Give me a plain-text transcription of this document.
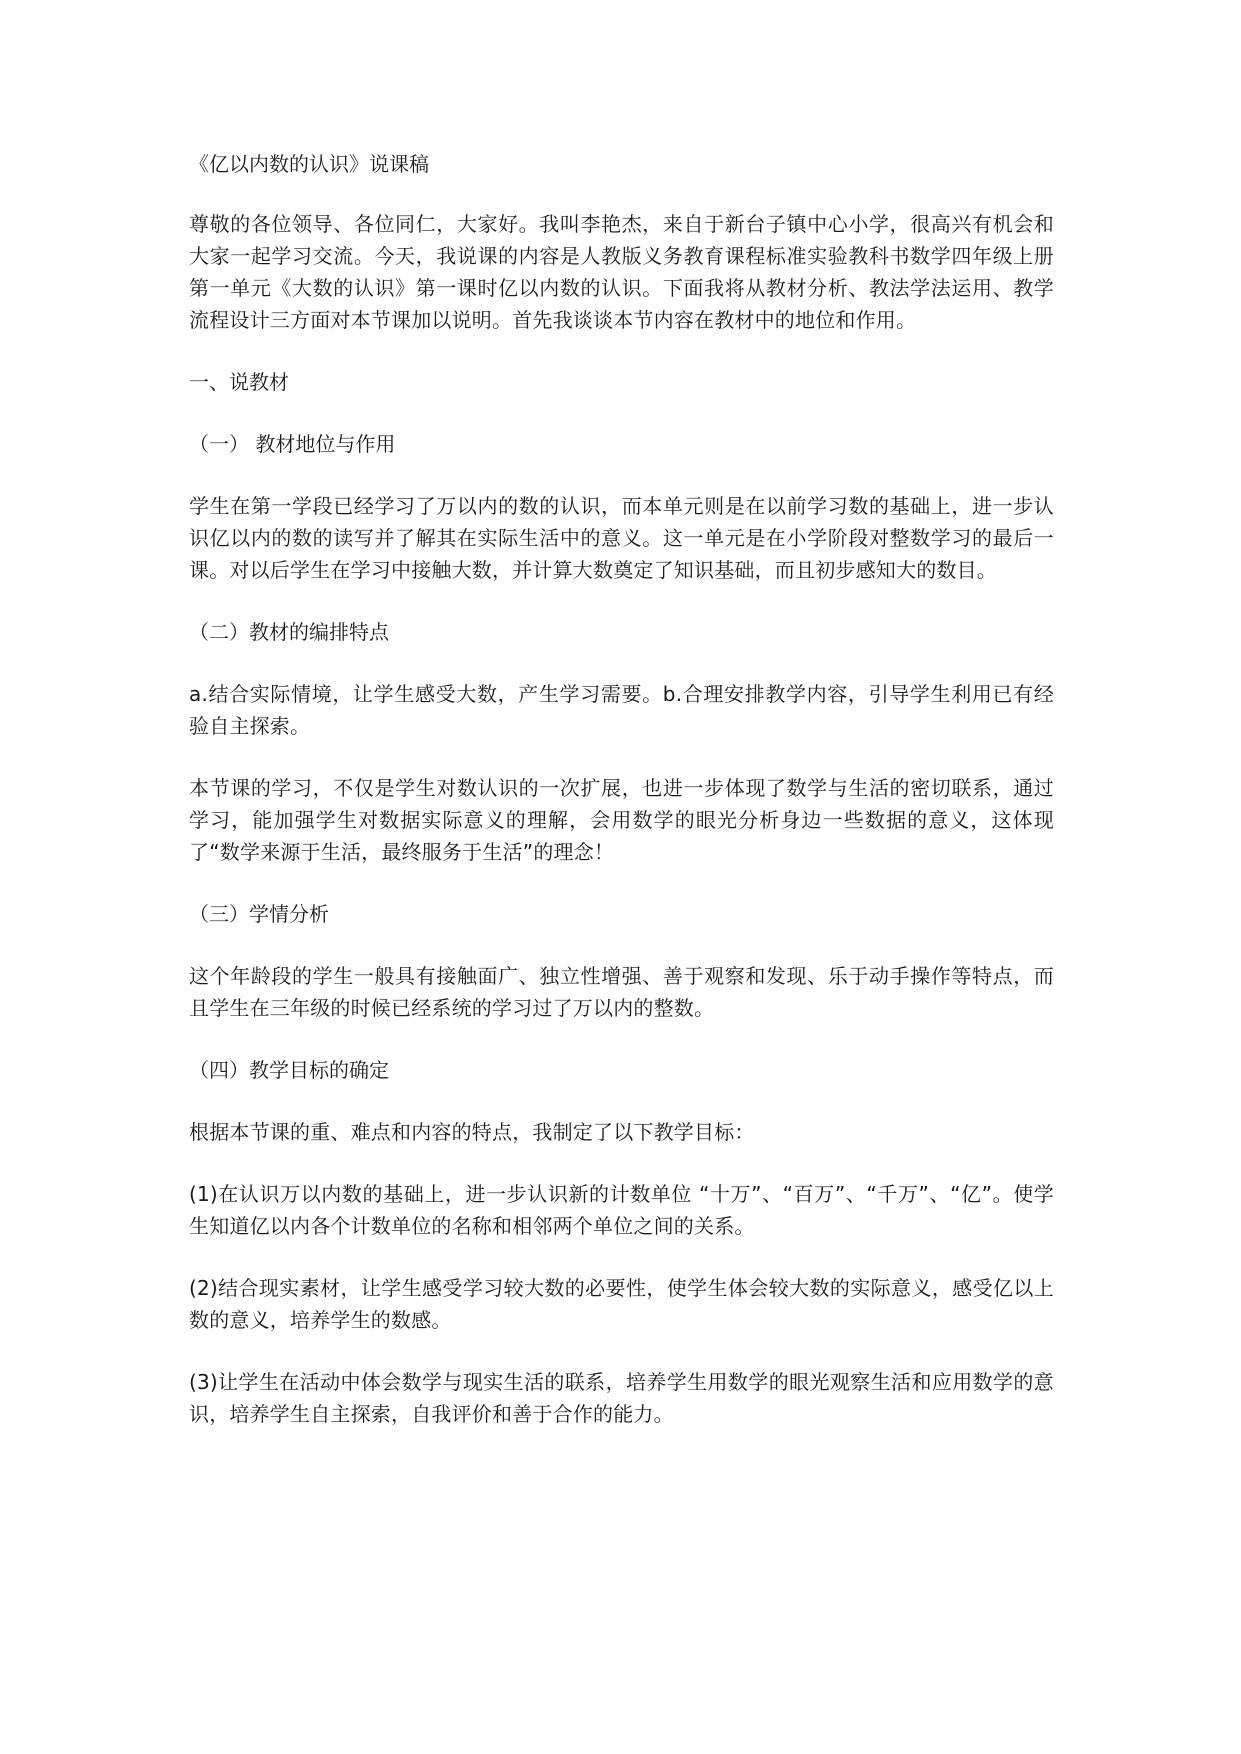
《亿以内数的认识》说课稿
尊敬的各位领导、各位同仁，大家好。我叫李艳杰，来自于新台子镇中心小学，很高兴有机会和大家一起学习交流。今天，我说课的内容是人教版义务教育课程标准实验教科书数学四年级上册第一单元《大数的认识》第一课时亿以内数的认识。下面我将从教材分析、教法学法运用、教学流程设计三方面对本节课加以说明。首先我谈谈本节内容在教材中的地位和作用。
一、说教材
（一） 教材地位与作用
学生在第一学段已经学习了万以内的数的认识，而本单元则是在以前学习数的基础上，进一步认识亿以内的数的读写并了解其在实际生活中的意义。这一单元是在小学阶段对整数学习的最后一课。对以后学生在学习中接触大数，并计算大数奠定了知识基础，而且初步感知大的数目。
（二）教材的编排特点
a.结合实际情境，让学生感受大数，产生学习需要。b.合理安排教学内容，引导学生利用已有经验自主探索。
本节课的学习，不仅是学生对数认识的一次扩展，也进一步体现了数学与生活的密切联系，通过学习，能加强学生对数据实际意义的理解，会用数学的眼光分析身边一些数据的意义，这体现了“数学来源于生活，最终服务于生活”的理念！
（三）学情分析
这个年龄段的学生一般具有接触面广、独立性增强、善于观察和发现、乐于动手操作等特点，而且学生在三年级的时候已经系统的学习过了万以内的整数。
（四）教学目标的确定
根据本节课的重、难点和内容的特点，我制定了以下教学目标：
(1)在认识万以内数的基础上，进一步认识新的计数单位 “十万”、“百万”、“千万”、“亿”。使学生知道亿以内各个计数单位的名称和相邻两个单位之间的关系。
(2)结合现实素材，让学生感受学习较大数的必要性，使学生体会较大数的实际意义，感受亿以上数的意义，培养学生的数感。
(3)让学生在活动中体会数学与现实生活的联系，培养学生用数学的眼光观察生活和应用数学的意识，培养学生自主探索，自我评价和善于合作的能力。
